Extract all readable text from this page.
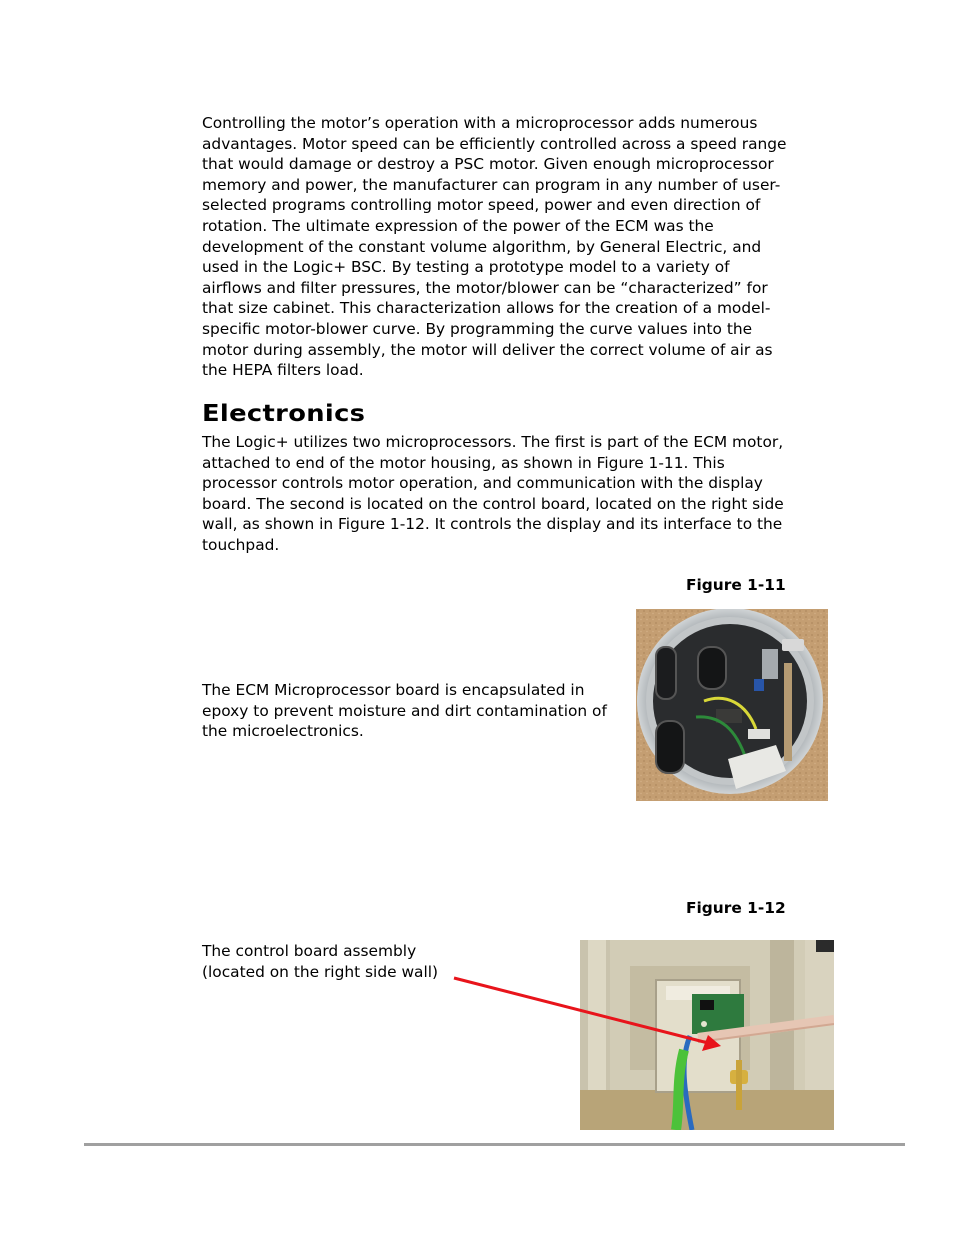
Controlling the motor’s operation with a microprocessor adds numerous advantages. Motor speed can be efficiently controlled across a speed range that would damage or destroy a PSC motor. Given enough microprocessor memory and power, the manufacturer can program in any number of user-selected programs controlling motor speed, power and even direction of rotation. The ultimate expression of the power of the ECM was the development of the constant volume algorithm, by General Electric, and used in the Logic+ BSC. By testing a prototype model to a variety of airflows and filter pressures, the motor/blower can be “characterized” for that size cabinet. This characterization allows for the creation of a model-specific motor-blower curve. By programming the curve values into the motor during assembly, the motor will deliver the correct volume of air as the HEPA filters load.

Electronics

The Logic+ utilizes two microprocessors. The first is part of the ECM motor, attached to end of the motor housing, as shown in Figure 1-11. This processor controls motor operation, and communication with the display board. The second is located on the control board, located on the right side wall, as shown in Figure 1-12. It controls the display and its interface to the touchpad.

Figure 1-11

The ECM Microprocessor board is encapsulated in epoxy to prevent moisture and dirt contamination of the microelectronics.

Figure 1-12

The control board assembly

(located on the right side wall)
